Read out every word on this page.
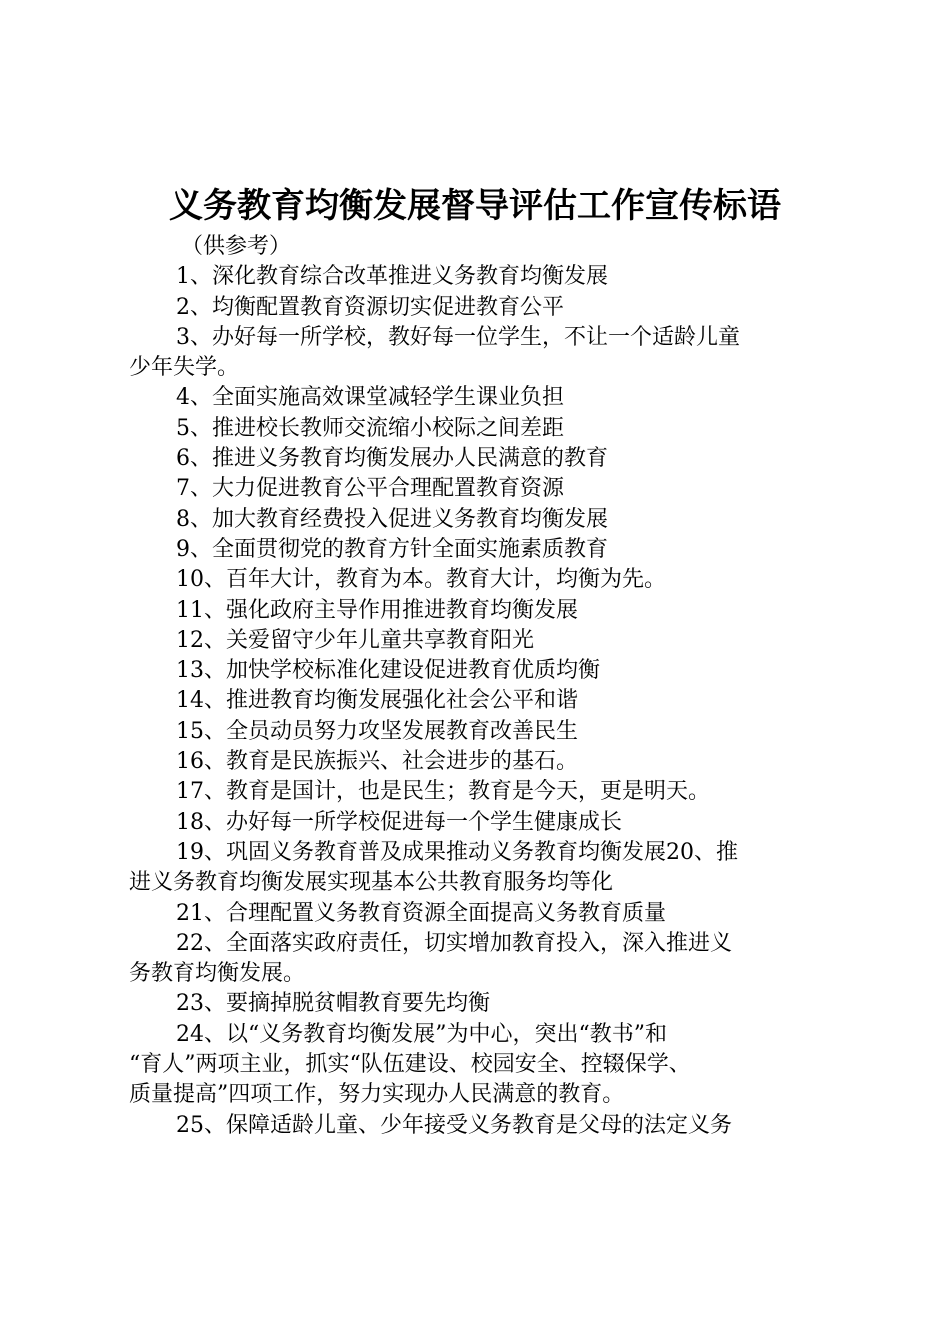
义务教育均衡发展督导评估工作宣传标语
（供参考）
1、深化教育综合改革推进义务教育均衡发展
2、均衡配置教育资源切实促进教育公平
3、办好每一所学校，教好每一位学生，不让一个适龄儿童
少年失学。
4、全面实施高效课堂减轻学生课业负担
5、推进校长教师交流缩小校际之间差距
6、推进义务教育均衡发展办人民满意的教育
7、大力促进教育公平合理配置教育资源
8、加大教育经费投入促进义务教育均衡发展
9、全面贯彻党的教育方针全面实施素质教育
10、百年大计，教育为本。教育大计，均衡为先。
11、强化政府主导作用推进教育均衡发展
12、关爱留守少年儿童共享教育阳光
13、加快学校标准化建设促进教育优质均衡
14、推进教育均衡发展强化社会公平和谐
15、全员动员努力攻坚发展教育改善民生
16、教育是民族振兴、社会进步的基石。
17、教育是国计，也是民生；教育是今天，更是明天。
18、办好每一所学校促进每一个学生健康成长
19、巩固义务教育普及成果推动义务教育均衡发展20、推
进义务教育均衡发展实现基本公共教育服务均等化
21、合理配置义务教育资源全面提高义务教育质量
22、全面落实政府责任，切实增加教育投入，深入推进义
务教育均衡发展。
23、要摘掉脱贫帽教育要先均衡
24、以“义务教育均衡发展”为中心，突出“教书”和
“育人”两项主业，抓实“队伍建设、校园安全、控辍保学、
质量提高”四项工作，努力实现办人民满意的教育。
25、保障适龄儿童、少年接受义务教育是父母的法定义务
